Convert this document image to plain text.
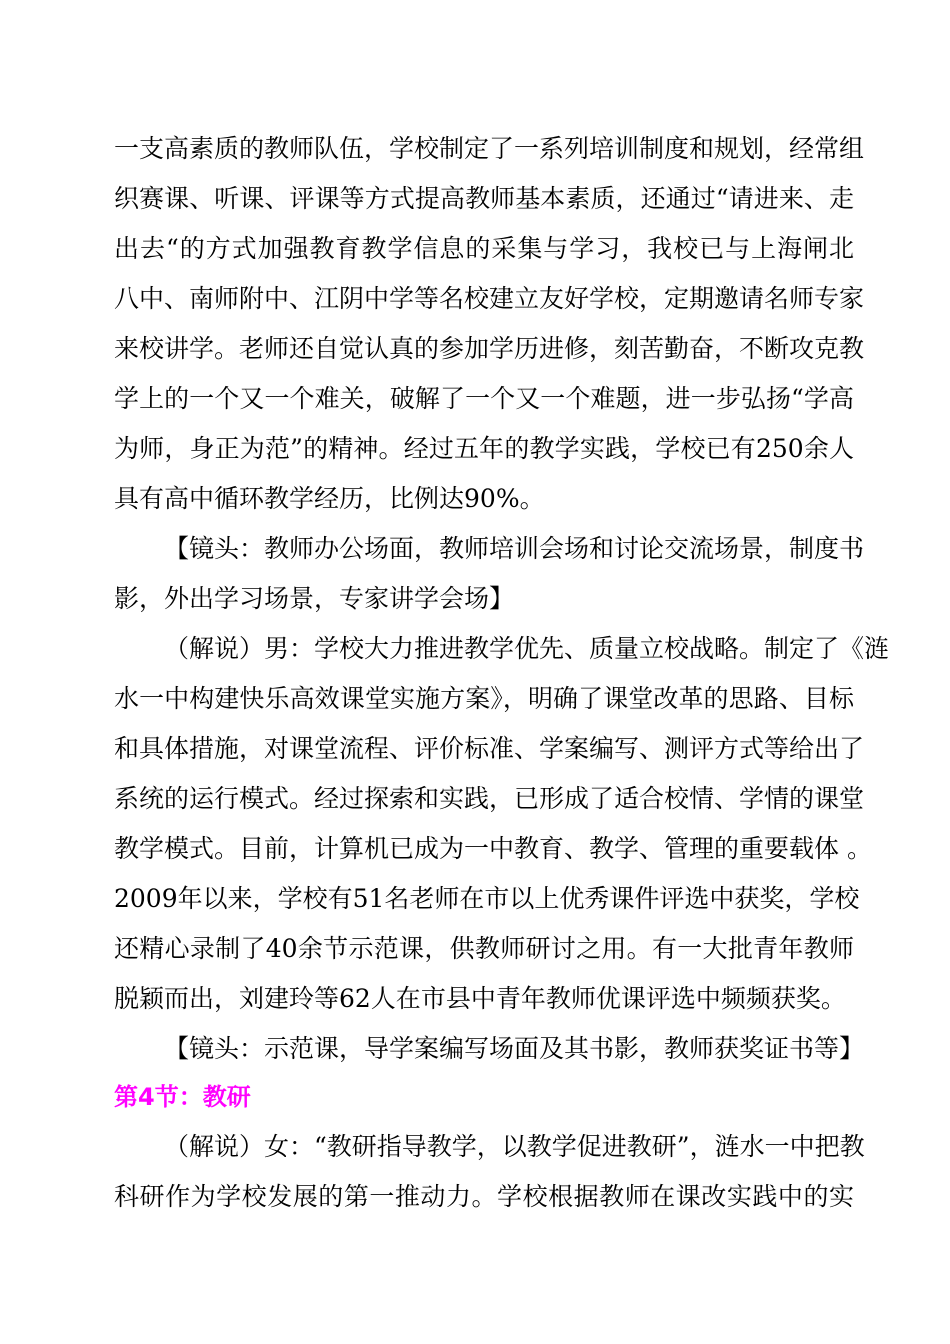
一支高素质的教师队伍，学校制定了一系列培训制度和规划，经常组
织赛课、听课、评课等方式提高教师基本素质，还通过“请进来、走
出去“的方式加强教育教学信息的采集与学习，我校已与上海闸北
八中、南师附中、江阴中学等名校建立友好学校，定期邀请名师专家
来校讲学。老师还自觉认真的参加学历进修，刻苦勤奋，不断攻克教
学上的一个又一个难关，破解了一个又一个难题，进一步弘扬“学高
为师，身正为范”的精神。经过五年的教学实践，学校已有250余人
具有高中循环教学经历，比例达90%。
【镜头：教师办公场面，教师培训会场和讨论交流场景，制度书
影，外出学习场景，专家讲学会场】
（解说）男：学校大力推进教学优先、质量立校战略。制定了《涟
水一中构建快乐高效课堂实施方案》，明确了课堂改革的思路、目标
和具体措施，对课堂流程、评价标准、学案编写、测评方式等给出了
系统的运行模式。经过探索和实践，已形成了适合校情、学情的课堂
教学模式。目前，计算机已成为一中教育、教学、管理的重要载体 。
2009年以来，学校有51名老师在市以上优秀课件评选中获奖，学校
还精心录制了40余节示范课，供教师研讨之用。有一大批青年教师
脱颖而出，刘建玲等62人在市县中青年教师优课评选中频频获奖。
【镜头：示范课，导学案编写场面及其书影，教师获奖证书等】
第4节：教研
（解说）女：“教研指导教学，以教学促进教研”，涟水一中把教
科研作为学校发展的第一推动力。学校根据教师在课改实践中的实
